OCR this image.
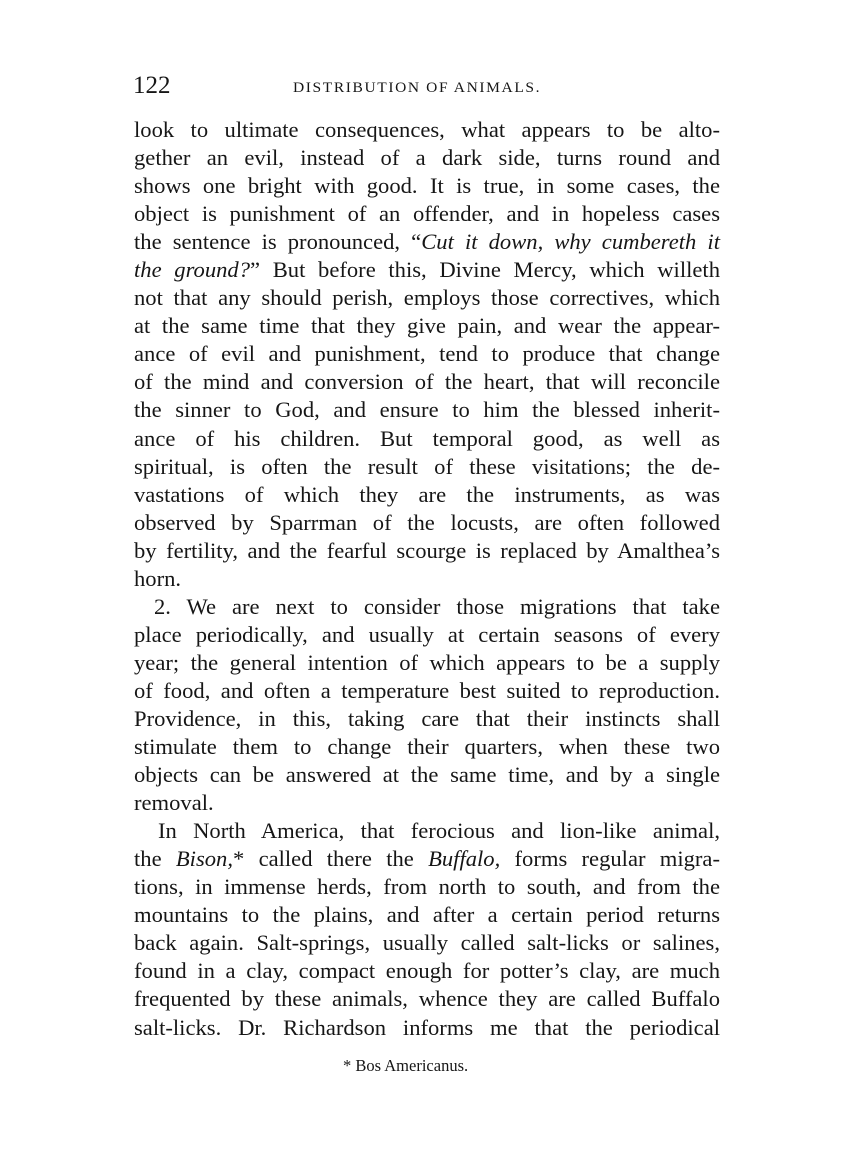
122	DISTRIBUTION OF ANIMALS.
look to ultimate consequences, what appears to be alto-
gether an evil, instead of a dark side, turns round and
shows one bright with good. It is true, in some cases, the
object is punishment of an offender, and in hopeless cases
the sentence is pronounced, “Cut it down, why cumbereth it
the ground?” But before this, Divine Mercy, which willeth
not that any should perish, employs those correctives, which
at the same time that they give pain, and wear the appear-
ance of evil and punishment, tend to produce that change
of the mind and conversion of the heart, that will reconcile
the sinner to God, and ensure to him the blessed inherit-
ance of his children. But temporal good, as well as
spiritual, is often the result of these visitations; the de-
vastations of which they are the instruments, as was
observed by Sparrman of the locusts, are often followed
by fertility, and the fearful scourge is replaced by Amalthea’s
horn.
2. We are next to consider those migrations that take
place periodically, and usually at certain seasons of every
year; the general intention of which appears to be a supply
of food, and often a temperature best suited to reproduction.
Providence, in this, taking care that their instincts shall
stimulate them to change their quarters, when these two
objects can be answered at the same time, and by a single
removal.
In North America, that ferocious and lion-like animal,
the Bison,* called there the Buffalo, forms regular migra-
tions, in immense herds, from north to south, and from the
mountains to the plains, and after a certain period returns
back again. Salt-springs, usually called salt-licks or salines,
found in a clay, compact enough for potter’s clay, are much
frequented by these animals, whence they are called Buffalo
salt-licks. Dr. Richardson informs me that the periodical
* Bos Americanus.
